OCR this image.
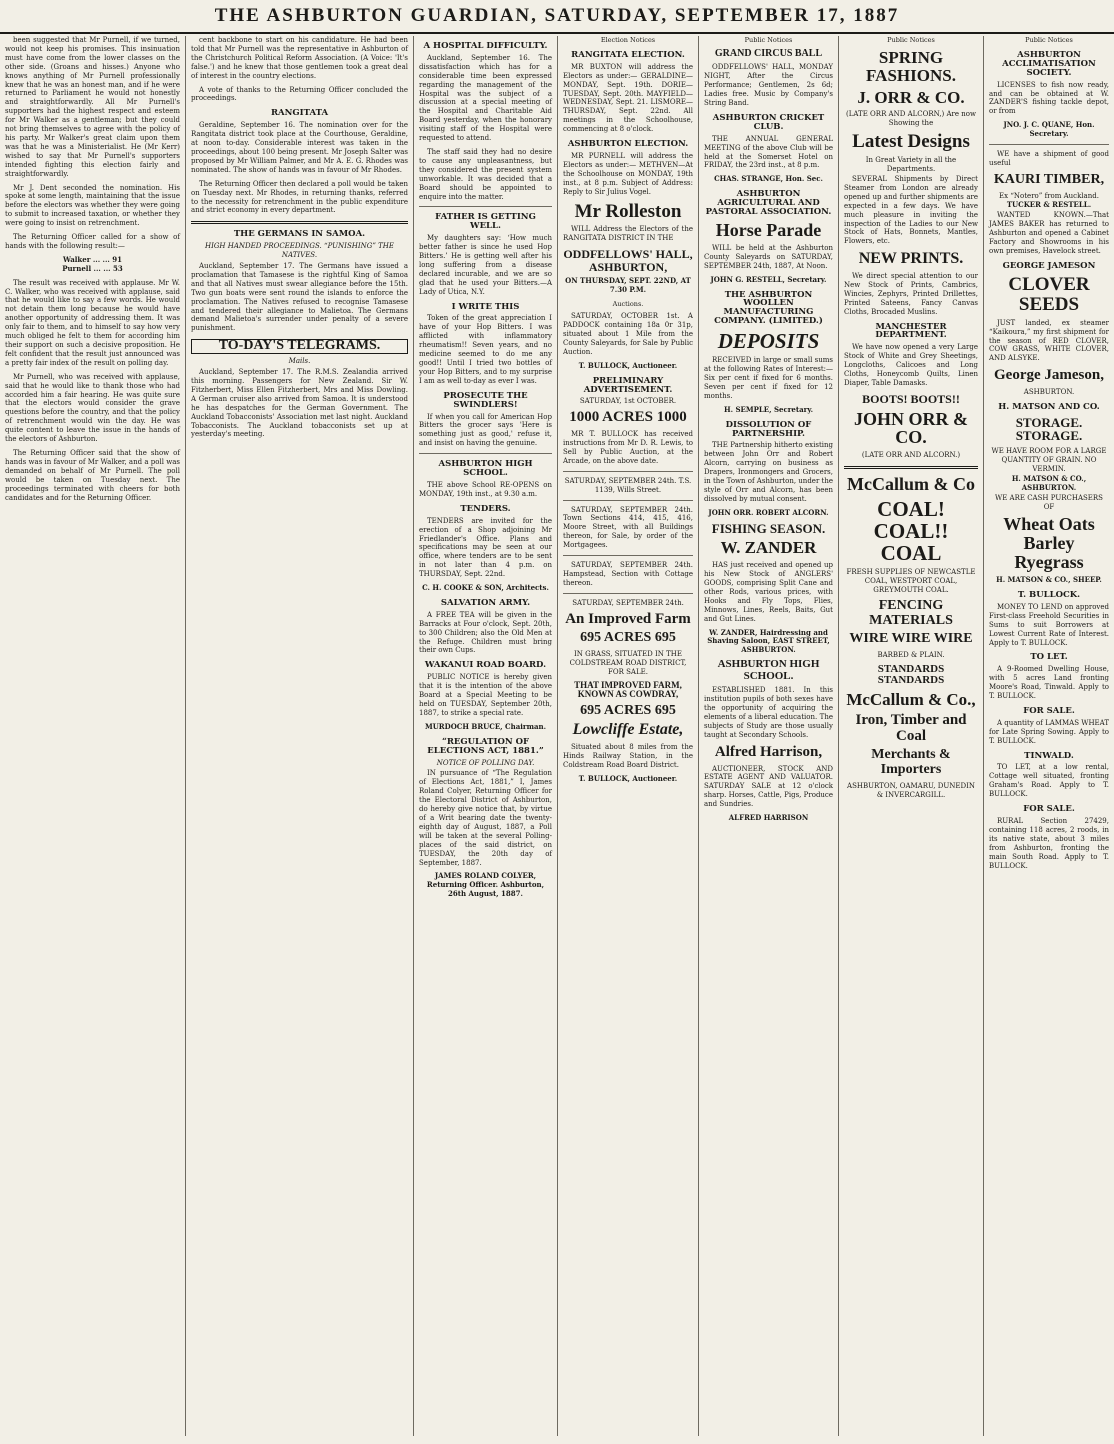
THE ASHBURTON GUARDIAN, SATURDAY, SEPTEMBER 17, 1887

been suggested that Mr Purnell, if we turned, would not keep his promises. This insinuation must have come from the lower classes on the other side. (Groans and hisses.) Anyone who knows anything of Mr Purnell professionally knew that he was an honest man, and if he were returned to Parliament he would not honestly and straightforwardly. All Mr Purnell's supporters had the highest respect and esteem for Mr Walker as a gentleman; but they could not bring themselves to agree with the policy of his party. Mr Walker's great claim upon them was that he was a Ministerialist. He (Mr Kerr) wished to say that Mr Purnell's supporters intended fighting this election fairly and straightforwardly.

Mr J. Dent seconded the nomination. His spoke at some length, maintaining that the issue before the electors was whether they were going to submit to increased taxation, or whether they were going to insist on retrenchment.

The Returning Officer called for a show of hands with the following result:—

Walker ... ... 91
Purnell ... ... 53

The result was received with applause. Mr W. C. Walker, who was received with applause, said that he would like to say a few words. He would not detain them long because he would have another opportunity of addressing them. It was only fair to them, and to himself to say how very much obliged he felt to them for according him their support on such a decisive proposition. He felt confident that the result just announced was a pretty fair index of the result on polling day.

Mr Purnell, who was received with applause, said that he would like to thank those who had accorded him a fair hearing. He was quite sure that the electors would consider the grave questions before the country, and that the policy of retrenchment would win the day. He was quite content to leave the issue in the hands of the electors of Ashburton.

The Returning Officer said that the show of hands was in favour of Mr Walker, and a poll was demanded on behalf of Mr Purnell. The poll would be taken on Tuesday next. The proceedings terminated with cheers for both candidates and for the Returning Officer.

cent backbone to start on his candidature. He had been told that Mr Purnell was the representative in Ashburton of the Christchurch Political Reform Association. (A Voice: 'It's false.') and he knew that those gentlemen took a great deal of interest in the country elections.

A vote of thanks to the Returning Officer concluded the proceedings.

RANGITATA

Geraldine, September 16. The nomination over for the Rangitata district took place at the Courthouse, Geraldine, at noon to-day. Considerable interest was taken in the proceedings, about 100 being present. Mr Joseph Salter was proposed by Mr William Palmer, and Mr A. E. G. Rhodes was nominated. The show of hands was in favour of Mr Rhodes.

The Returning Officer then declared a poll would be taken on Tuesday next. Mr Rhodes, in returning thanks, referred to the necessity for retrenchment in the public expenditure and strict economy in every department.

THE GERMANS IN SAMOA.
HIGH HANDED PROCEEDINGS. “PUNISHING” THE NATIVES.

Auckland, September 17. The Germans have issued a proclamation that Tamasese is the rightful King of Samoa and that all Natives must swear allegiance before the 15th. Two gun boats were sent round the islands to enforce the proclamation. The Natives refused to recognise Tamasese and tendered their allegiance to Malietoa. The Germans demand Malietoa's surrender under penalty of a severe punishment.

TO-DAY'S TELEGRAMS.
Mails.

Auckland, September 17. The R.M.S. Zealandia arrived this morning. Passengers for New Zealand. Sir W. Fitzherbert, Miss Ellen Fitzherbert, Mrs and Miss Dowling. A German cruiser also arrived from Samoa. It is understood he has despatches for the German Government. The Auckland Tobacconists' Association met last night. Auckland Tobacconists. The Auckland tobacconists set up at yesterday's meeting.

A HOSPITAL DIFFICULTY.

Auckland, September 16. The dissatisfaction which has for a considerable time been expressed regarding the management of the Hospital was the subject of a discussion at a special meeting of the Hospital and Charitable Aid Board yesterday, when the honorary visiting staff of the Hospital were requested to attend.

The staff said they had no desire to cause any unpleasantness, but they considered the present system unworkable. It was decided that a Board should be appointed to enquire into the matter.

FATHER IS GETTING WELL.

My daughters say: ‘How much better father is since he used Hop Bitters.’ He is getting well after his long suffering from a disease declared incurable, and we are so glad that he used your Bitters.—A Lady of Utica, N.Y.

I WRITE THIS

Token of the great appreciation I have of your Hop Bitters. I was afflicted with inflammatory rheumatism!! Seven years, and no medicine seemed to do me any good!! Until I tried two bottles of your Hop Bitters, and to my surprise I am as well to-day as ever I was.

PROSECUTE THE SWINDLERS!

If when you call for American Hop Bitters the grocer says 'Here is something just as good,' refuse it, and insist on having the genuine.

ASHBURTON HIGH SCHOOL.

THE above School RE-OPENS on MONDAY, 19th inst., at 9.30 a.m.

TENDERS.

TENDERS are invited for the erection of a Shop adjoining Mr Friedlander's Office. Plans and specifications may be seen at our office, where tenders are to be sent in not later than 4 p.m. on THURSDAY, Sept. 22nd.

C. H. COOKE & SON, Architects.
SALVATION ARMY.

A FREE TEA will be given in the Barracks at Four o'clock, Sept. 20th, to 300 Children; also the Old Men at the Refuge. Children must bring their own Cups.

WAKANUI ROAD BOARD.

PUBLIC NOTICE is hereby given that it is the intention of the above Board at a Special Meeting to be held on TUESDAY, September 20th, 1887, to strike a special rate.

MURDOCH BRUCE, Chairman.
“REGULATION OF ELECTIONS ACT, 1881.”
NOTICE OF POLLING DAY.

IN pursuance of “The Regulation of Elections Act, 1881,” I, James Roland Colyer, Returning Officer for the Electoral District of Ashburton, do hereby give notice that, by virtue of a Writ bearing date the twenty-eighth day of August, 1887, a Poll will be taken at the several Polling-places of the said district, on TUESDAY, the 20th day of September, 1887.

JAMES ROLAND COLYER, Returning Officer. Ashburton, 26th August, 1887.
Election Notices
RANGITATA ELECTION.

MR BUXTON will address the Electors as under:— GERALDINE—MONDAY, Sept. 19th. DORIE—TUESDAY, Sept. 20th. MAYFIELD—WEDNESDAY, Sept. 21. LISMORE—THURSDAY, Sept. 22nd. All meetings in the Schoolhouse, commencing at 8 o'clock.

ASHBURTON ELECTION.

MR PURNELL will address the Electors as under:— METHVEN—At the Schoolhouse on MONDAY, 19th inst., at 8 p.m. Subject of Address: Reply to Sir Julius Vogel.

Mr Rolleston

WILL Address the Electors of the RANGITATA DISTRICT IN THE

ODDFELLOWS' HALL, ASHBURTON,
ON THURSDAY, SEPT. 22ND, AT 7.30 P.M.
Auctions.

SATURDAY, OCTOBER 1st. A PADDOCK containing 18a 0r 31p, situated about 1 Mile from the County Saleyards, for Sale by Public Auction.

T. BULLOCK, Auctioneer.
PRELIMINARY ADVERTISEMENT.
SATURDAY, 1st OCTOBER.
1000 ACRES 1000

MR T. BULLOCK has received instructions from Mr D. R. Lewis, to Sell by Public Auction, at the Arcade, on the above date.

SATURDAY, SEPTEMBER 24th. T.S. 1139, Wills Street.

SATURDAY, SEPTEMBER 24th. Town Sections 414, 415, 416, Moore Street, with all Buildings thereon, for Sale, by order of the Mortgagees.

SATURDAY, SEPTEMBER 24th. Hampstead, Section with Cottage thereon.

SATURDAY, SEPTEMBER 24th.
An Improved Farm
695 ACRES 695
IN GRASS, SITUATED IN THE COLDSTREAM ROAD DISTRICT, FOR SALE.
THAT IMPROVED FARM, KNOWN AS COWDRAY,
695 ACRES 695
Lowcliffe Estate,

Situated about 8 miles from the Hinds Railway Station, in the Coldstream Road Board District.

T. BULLOCK, Auctioneer.
Public Notices
GRAND CIRCUS BALL

ODDFELLOWS' HALL, MONDAY NIGHT, After the Circus Performance; Gentlemen, 2s 6d; Ladies free. Music by Company's String Band.

ASHBURTON CRICKET CLUB.

THE ANNUAL GENERAL MEETING of the above Club will be held at the Somerset Hotel on FRIDAY, the 23rd inst., at 8 p.m.

CHAS. STRANGE, Hon. Sec.
ASHBURTON AGRICULTURAL AND PASTORAL ASSOCIATION.
Horse Parade

WILL be held at the Ashburton County Saleyards on SATURDAY, SEPTEMBER 24th, 1887, At Noon.

JOHN G. RESTELL, Secretary.
THE ASHBURTON WOOLLEN MANUFACTURING COMPANY. (LIMITED.)
DEPOSITS

RECEIVED in large or small sums at the following Rates of Interest:— Six per cent if fixed for 6 months. Seven per cent if fixed for 12 months.

H. SEMPLE, Secretary.
DISSOLUTION OF PARTNERSHIP.

THE Partnership hitherto existing between John Orr and Robert Alcorn, carrying on business as Drapers, Ironmongers and Grocers, in the Town of Ashburton, under the style of Orr and Alcorn, has been dissolved by mutual consent.

JOHN ORR. ROBERT ALCORN.
FISHING SEASON.
W. ZANDER

HAS just received and opened up his New Stock of ANGLERS' GOODS, comprising Split Cane and other Rods, various prices, with Hooks and Fly Tops, Flies, Minnows, Lines, Reels, Baits, Gut and Gut Lines.

W. ZANDER, Hairdressing and Shaving Saloon, EAST STREET, ASHBURTON.
ASHBURTON HIGH SCHOOL.

ESTABLISHED 1881. In this institution pupils of both sexes have the opportunity of acquiring the elements of a liberal education. The subjects of Study are those usually taught at Secondary Schools.

Alfred Harrison,

AUCTIONEER, STOCK AND ESTATE AGENT AND VALUATOR. SATURDAY SALE at 12 o'clock sharp. Horses, Cattle, Pigs, Produce and Sundries.

ALFRED HARRISON
Public Notices
SPRING FASHIONS.
J. ORR & CO.
(LATE ORR AND ALCORN,) Are now Showing the
Latest Designs
In Great Variety in all the Departments.

SEVERAL Shipments by Direct Steamer from London are already opened up and further shipments are expected in a few days. We have much pleasure in inviting the inspection of the Ladies to our New Stock of Hats, Bonnets, Mantles, Flowers, etc.

NEW PRINTS.

We direct special attention to our New Stock of Prints, Cambrics, Wincies, Zephyrs, Printed Drillettes, Printed Sateens, Fancy Canvas Cloths, Brocaded Muslins.

MANCHESTER DEPARTMENT.

We have now opened a very Large Stock of White and Grey Sheetings, Longcloths, Calicoes and Long Cloths, Honeycomb Quilts, Linen Diaper, Table Damasks.

BOOTS! BOOTS!!
JOHN ORR & CO.
(LATE ORR AND ALCORN.)
McCallum & Co
COAL! COAL!! COAL
FRESH SUPPLIES OF NEWCASTLE COAL, WESTPORT COAL, GREYMOUTH COAL.
FENCING MATERIALS
WIRE WIRE WIRE
BARBED & PLAIN.
STANDARDS STANDARDS
McCallum & Co.,
Iron, Timber and Coal
Merchants & Importers
ASHBURTON, OAMARU, DUNEDIN & INVERCARGILL.
Public Notices
ASHBURTON ACCLIMATISATION SOCIETY.

LICENSES to fish now ready, and can be obtained at W. ZANDER'S fishing tackle depot, or from

JNO. J. C. QUANE, Hon. Secretary.

WE have a shipment of good useful

KAURI TIMBER,
Ex “Notero” from Auckland.
TUCKER & RESTELL.

WANTED KNOWN.—That JAMES BAKER has returned to Ashburton and opened a Cabinet Factory and Showrooms in his own premises, Havelock street.

GEORGE JAMESON
CLOVER SEEDS

JUST landed, ex steamer “Kaikoura,” my first shipment for the season of RED CLOVER, COW GRASS, WHITE CLOVER, AND ALSYKE.

George Jameson,
ASHBURTON.
H. MATSON AND CO.
STORAGE. STORAGE.
WE HAVE ROOM FOR A LARGE QUANTITY OF GRAIN. NO VERMIN.
H. MATSON & CO., ASHBURTON.
WE ARE CASH PURCHASERS OF
Wheat Oats Barley Ryegrass
H. MATSON & CO., SHEEP.
T. BULLOCK.

MONEY TO LEND on approved First-class Freehold Securities in Sums to suit Borrowers at Lowest Current Rate of Interest. Apply to T. BULLOCK.

TO LET.

A 9-Roomed Dwelling House, with 5 acres Land fronting Moore's Road, Tinwald. Apply to T. BULLOCK.

FOR SALE.

A quantity of LAMMAS WHEAT for Late Spring Sowing. Apply to T. BULLOCK.

TINWALD.

TO LET, at a low rental, Cottage well situated, fronting Graham's Road. Apply to T. BULLOCK.

FOR SALE.

RURAL Section 27429, containing 118 acres, 2 roods, in its native state, about 3 miles from Ashburton, fronting the main South Road. Apply to T. BULLOCK.
